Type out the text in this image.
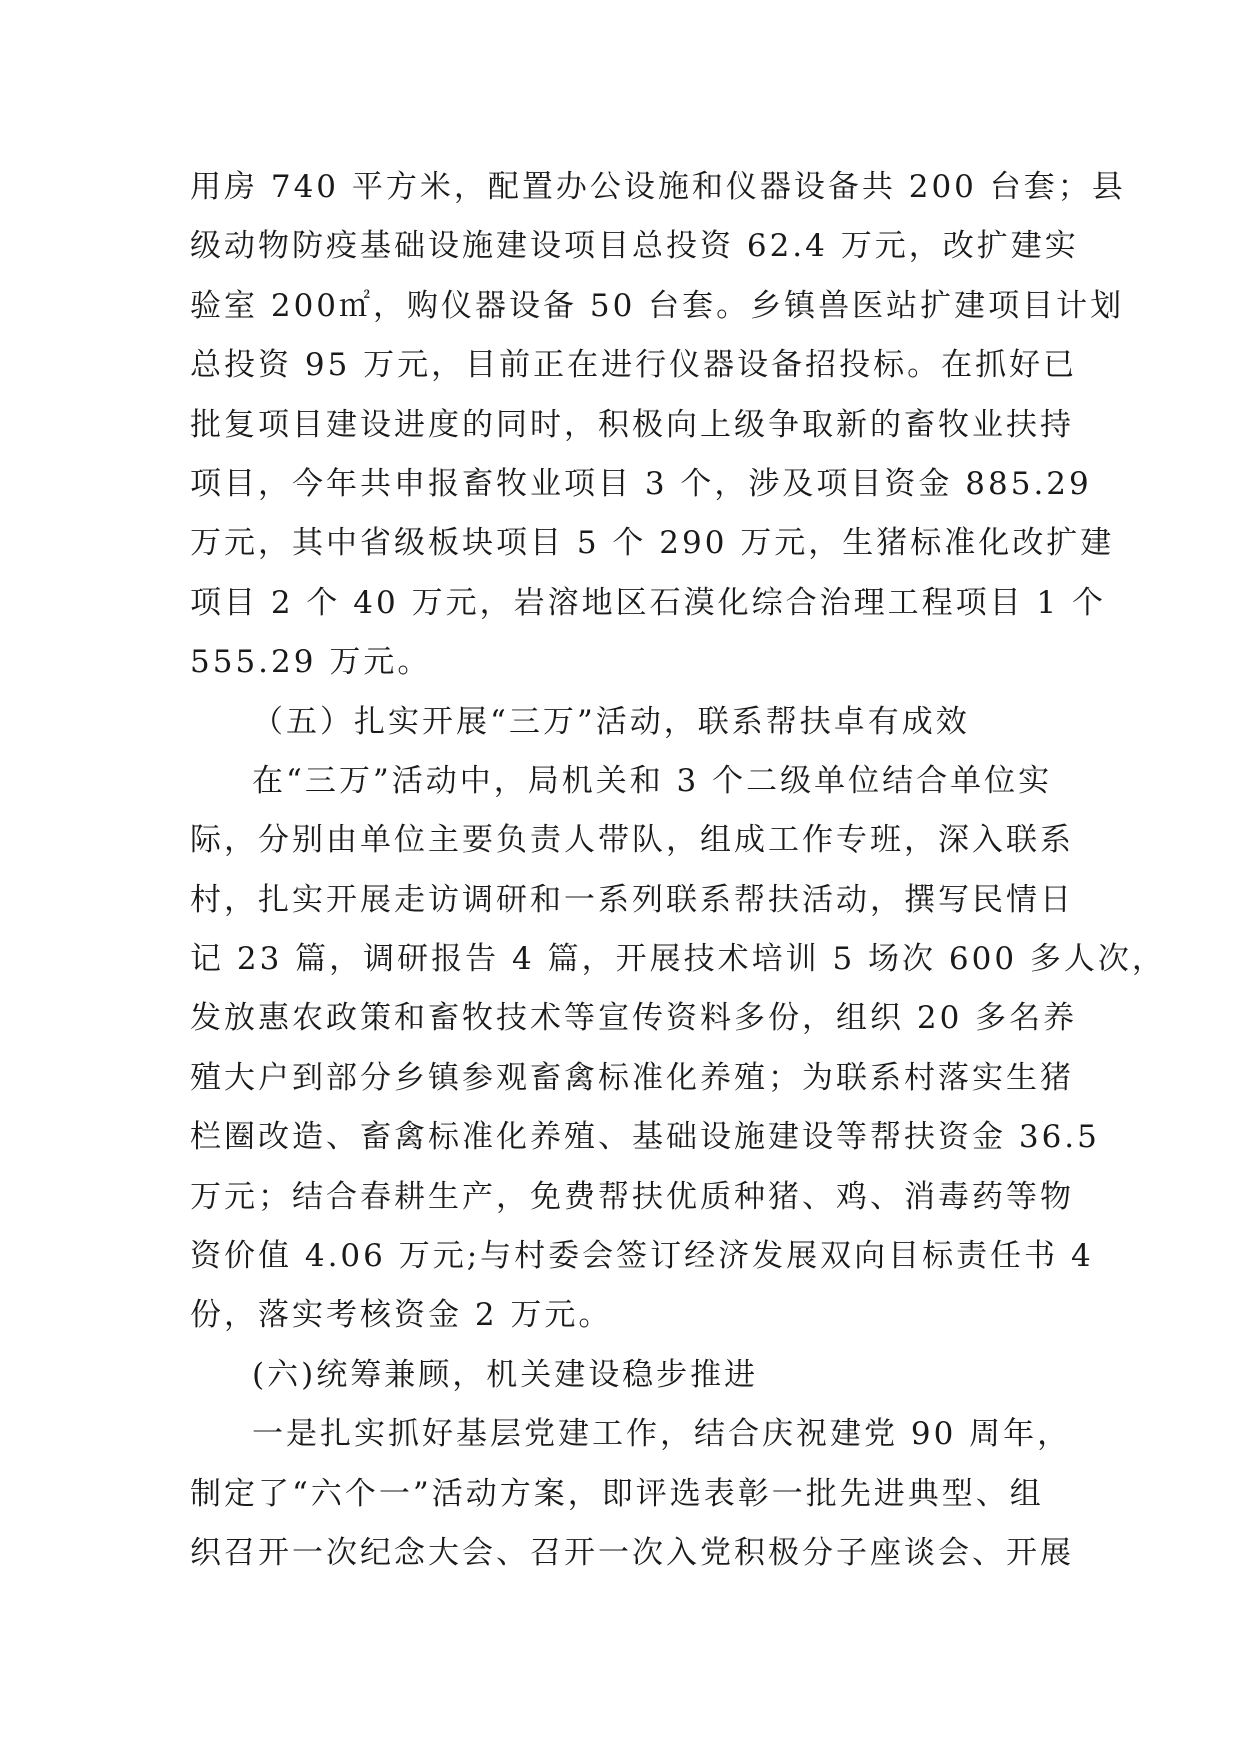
用房 740 平方米，配置办公设施和仪器设备共 200 台套；县
级动物防疫基础设施建设项目总投资 62.4 万元，改扩建实
验室 200㎡，购仪器设备 50 台套。乡镇兽医站扩建项目计划
总投资 95 万元，目前正在进行仪器设备招投标。在抓好已
批复项目建设进度的同时，积极向上级争取新的畜牧业扶持
项目，今年共申报畜牧业项目 3 个，涉及项目资金 885.29
万元，其中省级板块项目 5 个 290 万元，生猪标准化改扩建
项目 2 个 40 万元，岩溶地区石漠化综合治理工程项目 1 个
555.29 万元。
（五）扎实开展“三万”活动，联系帮扶卓有成效
在“三万”活动中，局机关和 3 个二级单位结合单位实
际，分别由单位主要负责人带队，组成工作专班，深入联系
村，扎实开展走访调研和一系列联系帮扶活动，撰写民情日
记 23 篇，调研报告 4 篇，开展技术培训 5 场次 600 多人次，
发放惠农政策和畜牧技术等宣传资料多份，组织 20 多名养
殖大户到部分乡镇参观畜禽标准化养殖；为联系村落实生猪
栏圈改造、畜禽标准化养殖、基础设施建设等帮扶资金 36.5
万元；结合春耕生产，免费帮扶优质种猪、鸡、消毒药等物
资价值 4.06 万元;与村委会签订经济发展双向目标责任书 4
份，落实考核资金 2 万元。
(六)统筹兼顾，机关建设稳步推进
一是扎实抓好基层党建工作，结合庆祝建党 90 周年，
制定了“六个一”活动方案，即评选表彰一批先进典型、组
织召开一次纪念大会、召开一次入党积极分子座谈会、开展
